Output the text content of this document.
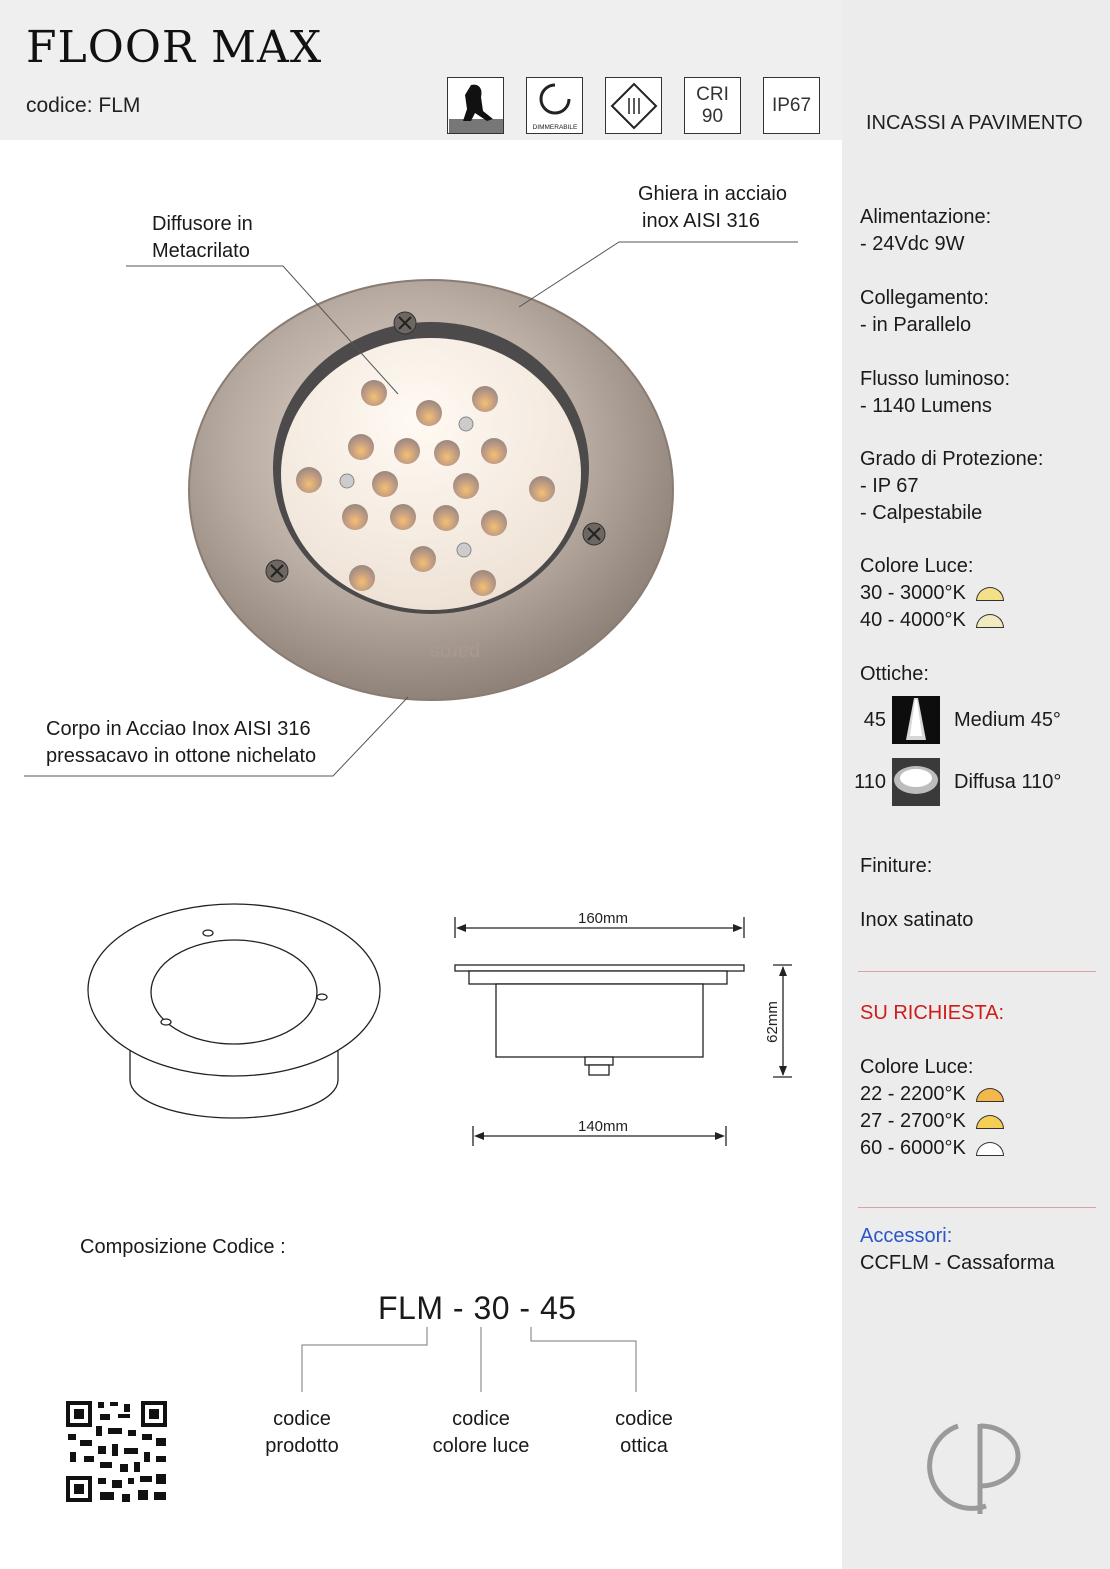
FLOOR MAX
codice: FLM
DIMMERABILE
CRI
90
IP67
INCASSI A PAVIMENTO
paros
160mm
140mm
62mm
Diffusore in
Metacrilato
Ghiera in acciaio
inox AISI 316
Corpo in Acciao Inox AISI 316
pressacavo in ottone nichelato
Composizione Codice :
FLM - 30 - 45
codice
prodotto
codice
colore luce
codice
ottica
Alimentazione:
- 24Vdc 9W
Collegamento:
- in Parallelo
Flusso luminoso:
- 1140 Lumens
Grado di Protezione:
- IP 67
- Calpestabile
Colore Luce:
30 - 3000°K
40 - 4000°K
Ottiche:
45	Medium 45°
110	Diffusa 110°
Finiture:
Inox satinato
SU RICHIESTA:
Colore Luce:
22 - 2200°K
27 - 2700°K
60 - 6000°K
Accessori:
CCFLM - Cassaforma
